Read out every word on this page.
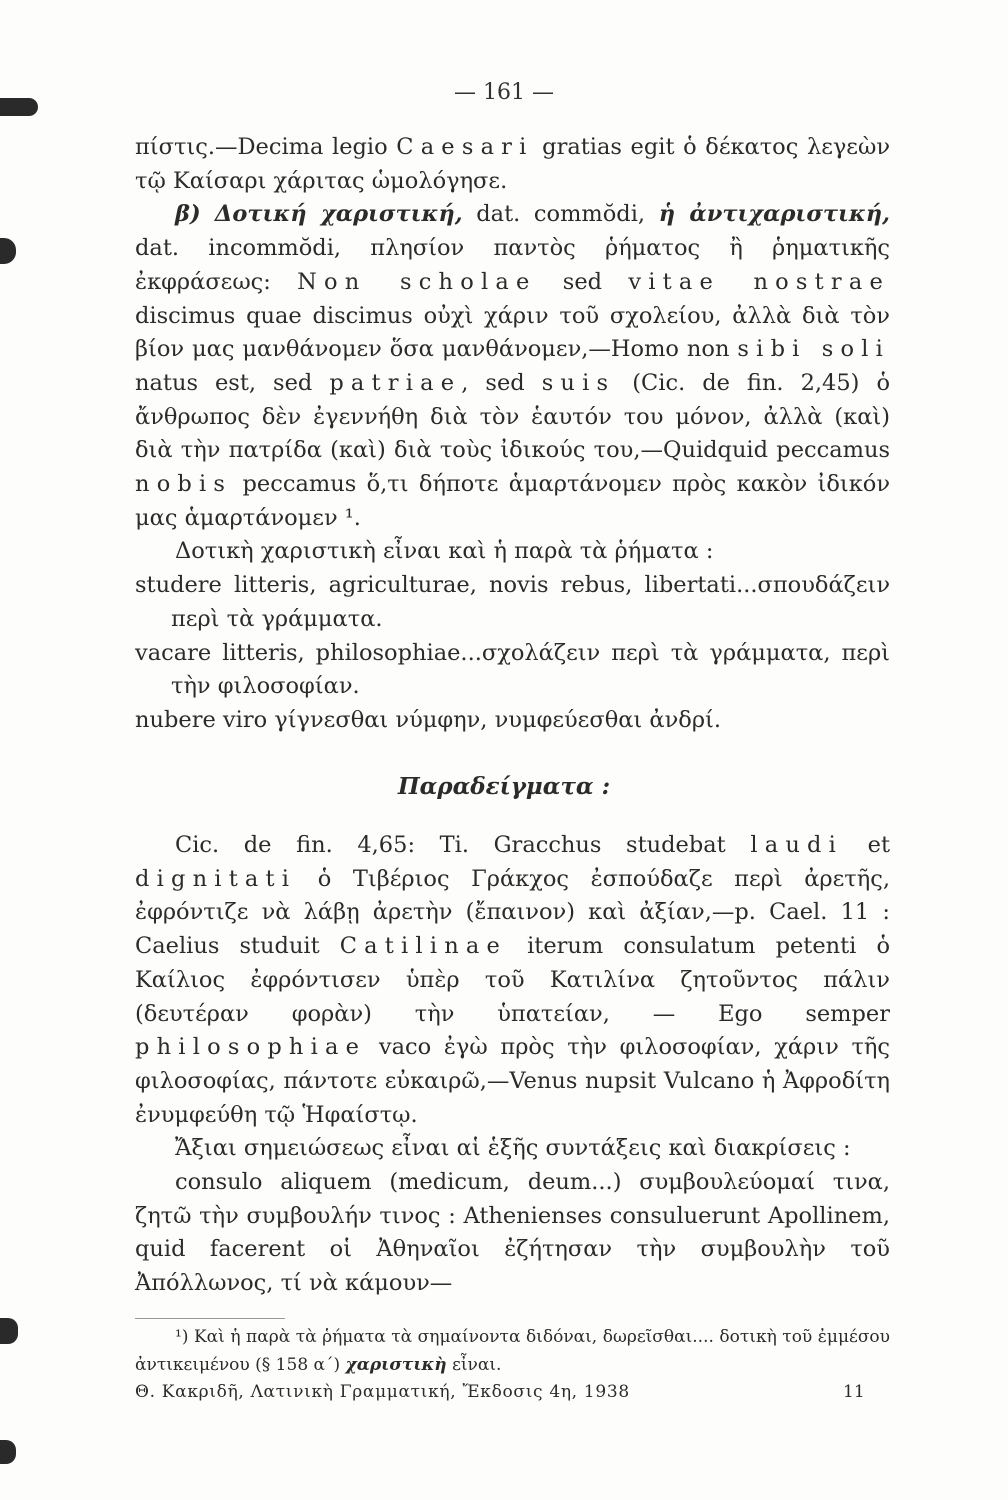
— 161 —

πίστις.—Decima legio Caesari gratias egit ὁ δέκατος λεγεὼν τῷ Καίσαρι χάριτας ὡμολόγησε.

β) Δοτική χαριστική, dat. commŏdi, ἡ ἀντιχαριστική, dat. incommŏdi, πλησίον παντὸς ῥήματος ἢ ῥηματικῆς ἐκφράσεως: Non scholae sed vitae nostrae discimus quae discimus οὐχὶ χάριν τοῦ σχολείου, ἀλλὰ διὰ τὸν βίον μας μανθάνομεν ὅσα μανθάνομεν,—Homo non sibi soli natus est, sed patriae, sed suis (Cic. de fin. 2,45) ὁ ἄνθρωπος δὲν ἐγεννήθη διὰ τὸν ἑαυτόν του μόνον, ἀλλὰ (καὶ) διὰ τὴν πατρίδα (καὶ) διὰ τοὺς ἰδικούς του,—Quidquid peccamus nobis peccamus ὅ,τι δήποτε ἁμαρτάνομεν πρὸς κακὸν ἰδικόν μας ἁμαρτάνομεν ¹.

Δοτικὴ χαριστικὴ εἶναι καὶ ἡ παρὰ τὰ ῥήματα :

studere litteris, agriculturae, novis rebus, libertati...σπουδάζειν περὶ τὰ γράμματα.

vacare litteris, philosophiae...σχολάζειν περὶ τὰ γράμματα, περὶ τὴν φιλοσοφίαν.

nubere viro γίγνεσθαι νύμφην, νυμφεύεσθαι ἀνδρί.

Παραδείγματα :

Cic. de fin. 4,65: Ti. Gracchus studebat laudi et dignitati ὁ Τιβέριος Γράκχος ἐσπούδαζε περὶ ἀρετῆς, ἐφρόντιζε νὰ λάβῃ ἀρετὴν (ἔπαινον) καὶ ἀξίαν,—p. Cael. 11 : Caelius studuit Catilinae iterum consulatum petenti ὁ Καίλιος ἐφρόντισεν ὑπὲρ τοῦ Κατιλίνα ζητοῦντος πάλιν (δευτέραν φορὰν) τὴν ὑπατείαν, — Ego semper philosophiae vaco ἐγὼ πρὸς τὴν φιλοσοφίαν, χάριν τῆς φιλοσοφίας, πάντοτε εὐκαιρῶ,—Venus nupsit Vulcano ἡ Ἀφροδίτη ἐνυμφεύθη τῷ Ἡφαίστῳ.

Ἄξιαι σημειώσεως εἶναι αἱ ἑξῆς συντάξεις καὶ διακρίσεις :

consulo aliquem (medicum, deum...) συμβουλεύομαί τινα, ζητῶ τὴν συμβουλήν τινος : Athenienses consuluerunt Apollinem, quid facerent οἱ Ἀθηναῖοι ἐζήτησαν τὴν συμβουλὴν τοῦ Ἀπόλλωνος, τί νὰ κάμουν—

¹) Καὶ ἡ παρὰ τὰ ῥήματα τὰ σημαίνοντα διδόναι, δωρεῖσθαι.... δοτικὴ τοῦ ἐμμέσου ἀντικειμένου (§ 158 α΄) χαριστικὴ εἶναι.

Θ. Κακριδῆ, Λατινικὴ Γραμματική, Ἔκδοσις 4η, 1938	11
